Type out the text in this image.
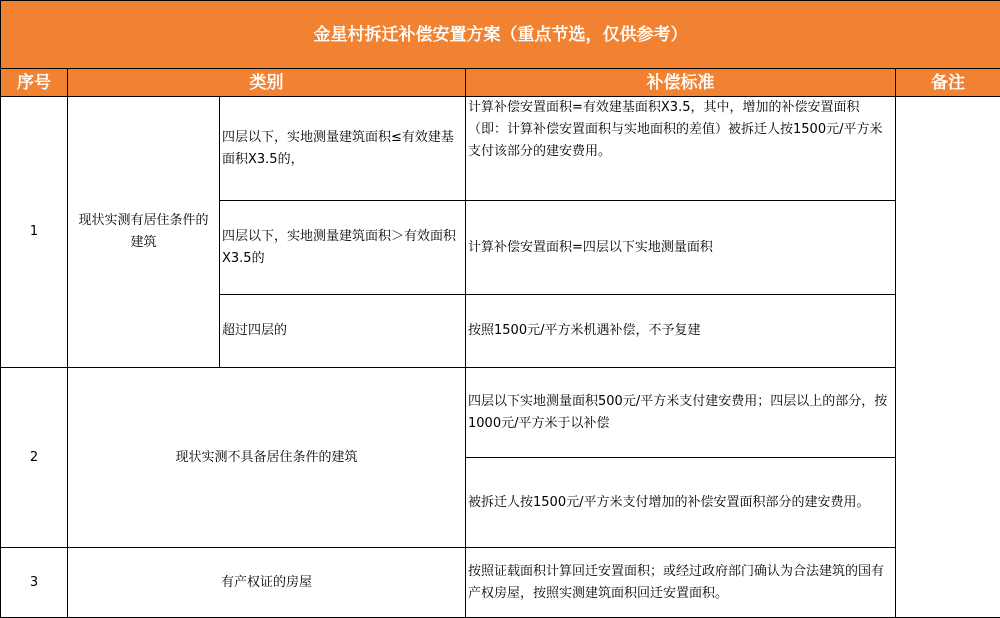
金星村拆迁补偿安置方案（重点节选，仅供参考）				
序号	类别		补偿标准	备注
1	现状实测有居住条件的建筑	四层以下，实地测量建筑面积≤有效建基面积X3.5的，	计算补偿安置面积=有效建基面积X3.5，其中，增加的补偿安置面积（即：计算补偿安置面积与实地面积的差值）被拆迁人按1500元/平方米支付该部分的建安费用。	
		四层以下，实地测量建筑面积＞有效面积X3.5的	计算补偿安置面积=四层以下实地测量面积	
		超过四层的	按照1500元/平方米机遇补偿，不予复建	
2	现状实测不具备居住条件的建筑		四层以下实地测量面积500元/平方米支付建安费用；四层以上的部分，按1000元/平方米于以补偿	
			被拆迁人按1500元/平方米支付增加的补偿安置面积部分的建安费用。	
3	有产权证的房屋		按照证载面积计算回迁安置面积；或经过政府部门确认为合法建筑的国有产权房屋，按照实测建筑面积回迁安置面积。	
